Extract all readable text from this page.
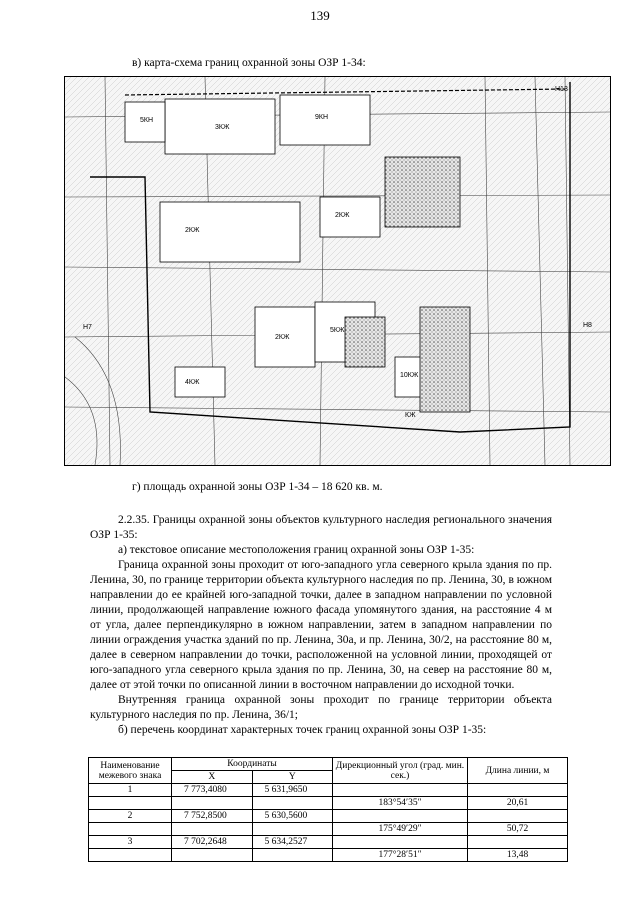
139
в) карта-схема границ охранной зоны ОЗР 1-34:
Н13
2КЖ
3КЖ
5КН	9КН
2КЖ
2КЖ
5КЖ
4КЖ
10КЖ
Н7	Н8
КЖ
г) площадь охранной зоны ОЗР 1-34 – 18 620 кв. м.

2.2.35. Границы охранной зоны объектов культурного наследия регионального значения ОЗР 1-35:

а) текстовое описание местоположения границ охранной зоны ОЗР 1-35:

Граница охранной зоны проходит от юго-западного угла северного крыла здания по пр. Ленина, 30, по границе территории объекта культурного наследия по пр. Ленина, 30, в южном направлении до ее крайней юго-западной точки, далее в западном направлении по условной линии, продолжающей направление южного фасада упомянутого здания, на расстояние 4 м от угла, далее перпендикулярно в южном направлении, затем в западном направлении по линии ограждения участка зданий по пр. Ленина, 30а, и пр. Ленина, 30/2, на расстояние 80 м, далее в северном направлении до точки, расположенной на условной линии, проходящей от юго-западного угла северного крыла здания по пр. Ленина, 30, на север на расстояние 80 м, далее от этой точки по описанной линии в восточном направлении до исходной точки.

Внутренняя граница охранной зоны проходит по границе территории объекта культурного наследия по пр. Ленина, 36/1;

б) перечень координат характерных точек границ охранной зоны ОЗР 1-35:

Наименование межевого знака	Координаты		Дирекционный угол (град. мин. сек.)	Длина линии, м
	X	Y		
1	7 773,4080	5 631,9650		
			183°54′35″	20,61
2	7 752,8500	5 630,5600		
			175°49′29″	50,72
3	7 702,2648	5 634,2527		
			177°28′51″	13,48
